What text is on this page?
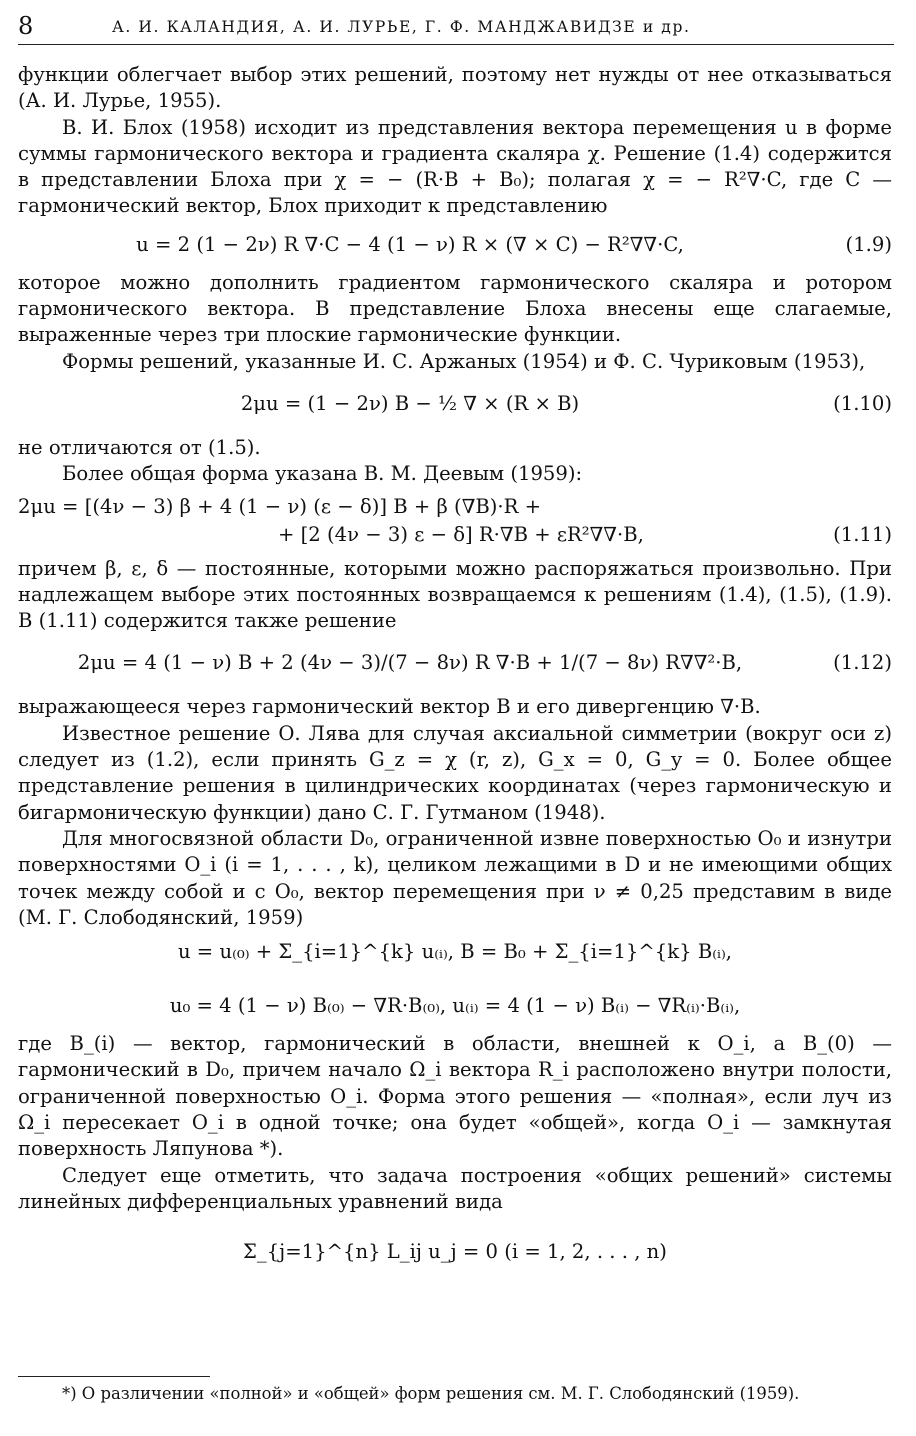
8	А. И. КАЛАНДИЯ, А. И. ЛУРЬЕ, Г. Ф. МАНДЖАВИДЗЕ и др.

функции облегчает выбор этих решений, поэтому нет нужды от нее отказываться (А. И. Лурье, 1955).

В. И. Блох (1958) исходит из представления вектора перемещения u в форме суммы гармонического вектора и градиента скаляра χ. Решение (1.4) содержится в представлении Блоха при χ = − (R·B + B₀); полагая χ = − R²∇·C, где C — гармонический вектор, Блох приходит к представлению

u = 2 (1 − 2ν) R ∇·C − 4 (1 − ν) R × (∇ × C) − R²∇∇·C,	(1.9)

которое можно дополнить градиентом гармонического скаляра и ротором гармонического вектора. В представление Блоха внесены еще слагаемые, выраженные через три плоские гармонические функции.

Формы решений, указанные И. С. Аржаных (1954) и Ф. С. Чуриковым (1953),

2μu = (1 − 2ν) B − ½ ∇ × (R × B)	(1.10)

не отличаются от (1.5).

Более общая форма указана В. М. Деевым (1959):

2μu = [(4ν − 3) β + 4 (1 − ν) (ε − δ)] B + β (∇B)·R +
+ [2 (4ν − 3) ε − δ] R·∇B + εR²∇∇·B,	(1.11)

причем β, ε, δ — постоянные, которыми можно распоряжаться произвольно. При надлежащем выборе этих постоянных возвращаемся к решениям (1.4), (1.5), (1.9). В (1.11) содержится также решение

2μu = 4 (1 − ν) B + 2 (4ν − 3)/(7 − 8ν) R ∇·B + 1/(7 − 8ν) R∇∇²·B,	(1.12)

выражающееся через гармонический вектор B и его дивергенцию ∇·B.

Известное решение О. Лява для случая аксиальной симметрии (вокруг оси z) следует из (1.2), если принять G_z = χ (r, z), G_x = 0, G_y = 0. Более общее представление решения в цилиндрических координатах (через гармоническую и бигармоническую функции) дано С. Г. Гутманом (1948).

Для многосвязной области D₀, ограниченной извне поверхностью O₀ и изнутри поверхностями O_i (i = 1, . . . , k), целиком лежащими в D и не имеющими общих точек между собой и с O₀, вектор перемещения при ν ≠ 0,25 представим в виде (М. Г. Слободянский, 1959)

u = u₍₀₎ + Σ_{i=1}^{k} u₍ᵢ₎, B = B₀ + Σ_{i=1}^{k} B₍ᵢ₎,
u₀ = 4 (1 − ν) B₍₀₎ − ∇R·B₍₀₎, u₍ᵢ₎ = 4 (1 − ν) B₍ᵢ₎ − ∇R₍ᵢ₎·B₍ᵢ₎,

где B_(i) — вектор, гармонический в области, внешней к O_i, а B_(0) — гармонический в D₀, причем начало Ω_i вектора R_i расположено внутри полости, ограниченной поверхностью O_i. Форма этого решения — «полная», если луч из Ω_i пересекает O_i в одной точке; она будет «общей», когда O_i — замкнутая поверхность Ляпунова *).

Следует еще отметить, что задача построения «общих решений» системы линейных дифференциальных уравнений вида

Σ_{j=1}^{n} L_ij u_j = 0 (i = 1, 2, . . . , n)
*) О различении «полной» и «общей» форм решения см. М. Г. Слободянский (1959).
